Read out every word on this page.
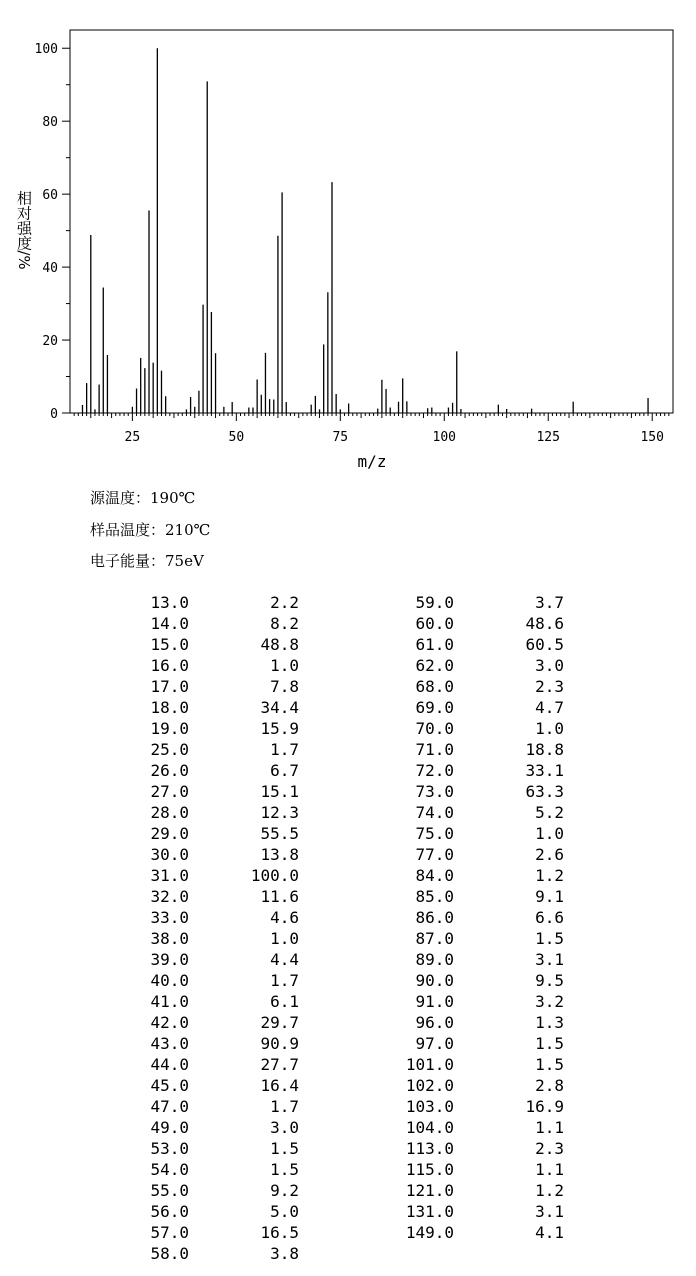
25	50	75	100	125	150
0
20
40
60
80
100
m/z
相对强度/%
源温度：190℃
样品温度：210℃
电子能量：75eV
13.0	2.2
14.0	8.2
15.0	48.8
16.0	1.0
17.0	7.8
18.0	34.4
19.0	15.9
25.0	1.7
26.0	6.7
27.0	15.1
28.0	12.3
29.0	55.5
30.0	13.8
31.0	100.0
32.0	11.6
33.0	4.6
38.0	1.0
39.0	4.4
40.0	1.7
41.0	6.1
42.0	29.7
43.0	90.9
44.0	27.7
45.0	16.4
47.0	1.7
49.0	3.0
53.0	1.5
54.0	1.5
55.0	9.2
56.0	5.0
57.0	16.5
58.0	3.8
59.0	3.7
60.0	48.6
61.0	60.5
62.0	3.0
68.0	2.3
69.0	4.7
70.0	1.0
71.0	18.8
72.0	33.1
73.0	63.3
74.0	5.2
75.0	1.0
77.0	2.6
84.0	1.2
85.0	9.1
86.0	6.6
87.0	1.5
89.0	3.1
90.0	9.5
91.0	3.2
96.0	1.3
97.0	1.5
101.0	1.5
102.0	2.8
103.0	16.9
104.0	1.1
113.0	2.3
115.0	1.1
121.0	1.2
131.0	3.1
149.0	4.1
